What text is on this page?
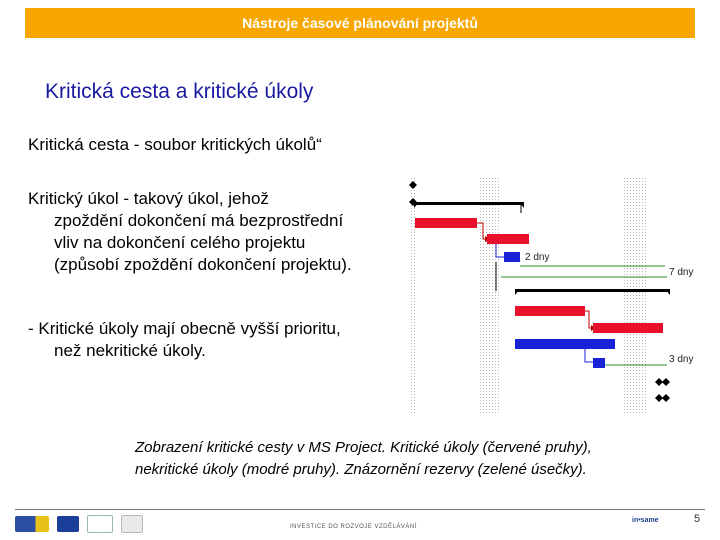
Nástroje časové plánování projektů
Kritická cesta a kritické úkoly
Kritická cesta - soubor kritických úkolů“
Kritický úkol - takový úkol, jehož
zpoždění dokončení má bezprostřední
vliv na dokončení celého projektu
(způsobí zpoždění dokončení projektu).
- Kritické úkoly mají obecně vyšší prioritu,
než nekritické úkoly.
2 dny
7 dny
3 dny
Zobrazení kritické cesty v MS Project. Kritické úkoly (červené pruhy),
nekritické úkoly (modré pruhy). Znázornění rezervy (zelené úsečky).
INVESTICE DO ROZVOJE VZDĚLÁVÁNÍ
in•same	5
